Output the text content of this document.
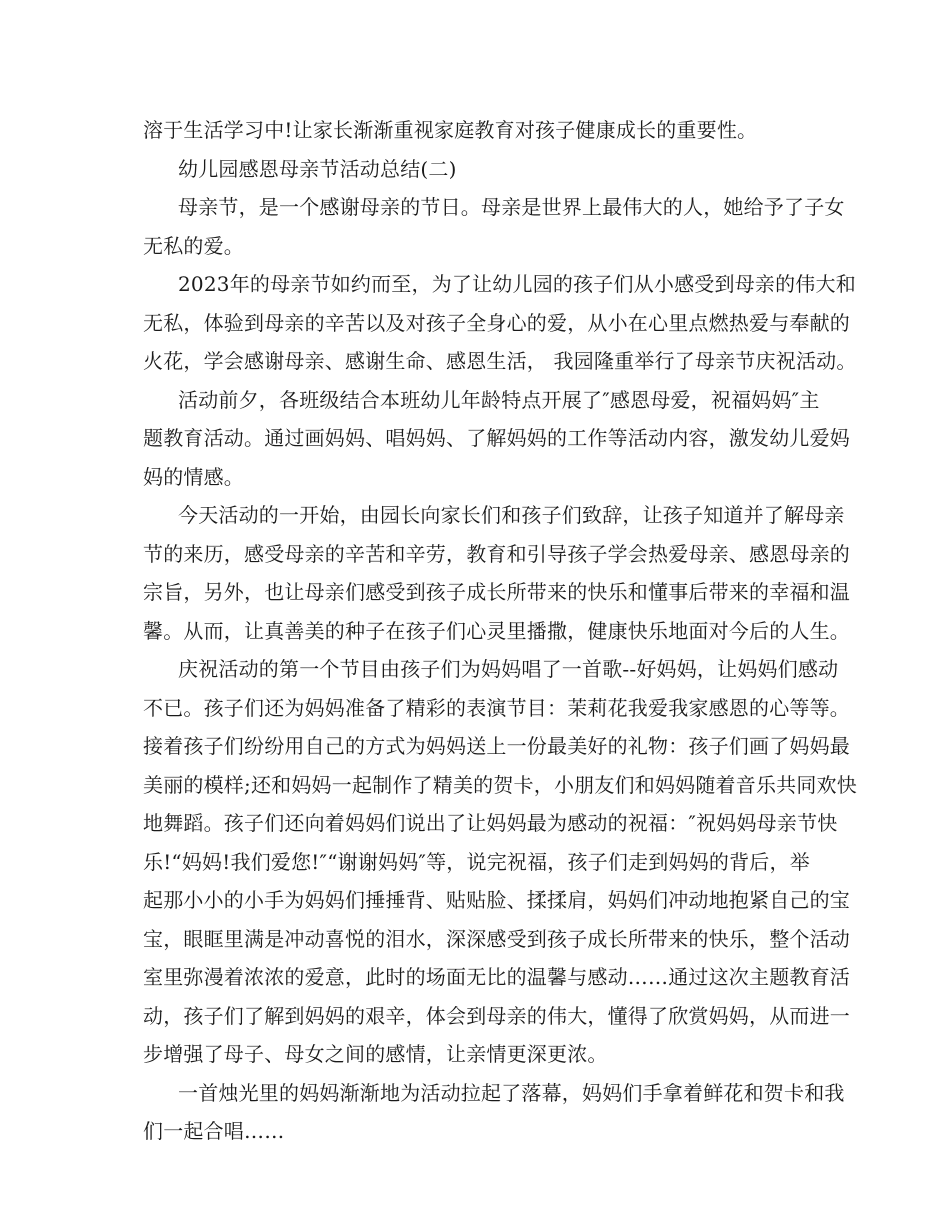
溶于生活学习中!让家长渐渐重视家庭教育对孩子健康成长的重要性。
幼儿园感恩母亲节活动总结(二)
母亲节，是一个感谢母亲的节日。母亲是世界上最伟大的人，她给予了子女
无私的爱。
2023年的母亲节如约而至，为了让幼儿园的孩子们从小感受到母亲的伟大和
无私，体验到母亲的辛苦以及对孩子全身心的爱，从小在心里点燃热爱与奉献的
火花，学会感谢母亲、感谢生命、感恩生活， 我园隆重举行了母亲节庆祝活动。
活动前夕，各班级结合本班幼儿年龄特点开展了″感恩母爱，祝福妈妈″主
题教育活动。通过画妈妈、唱妈妈、了解妈妈的工作等活动内容，激发幼儿爱妈
妈的情感。
今天活动的一开始，由园长向家长们和孩子们致辞，让孩子知道并了解母亲
节的来历，感受母亲的辛苦和辛劳，教育和引导孩子学会热爱母亲、感恩母亲的
宗旨，另外，也让母亲们感受到孩子成长所带来的快乐和懂事后带来的幸福和温
馨。从而，让真善美的种子在孩子们心灵里播撒，健康快乐地面对今后的人生。
庆祝活动的第一个节目由孩子们为妈妈唱了一首歌--好妈妈，让妈妈们感动
不已。孩子们还为妈妈准备了精彩的表演节目：茉莉花我爱我家感恩的心等等。
接着孩子们纷纷用自己的方式为妈妈送上一份最美好的礼物：孩子们画了妈妈最
美丽的模样;还和妈妈一起制作了精美的贺卡，小朋友们和妈妈随着音乐共同欢快
地舞蹈。孩子们还向着妈妈们说出了让妈妈最为感动的祝福：″祝妈妈母亲节快
乐!“妈妈!我们爱您!″“谢谢妈妈″等，说完祝福，孩子们走到妈妈的背后，举
起那小小的小手为妈妈们捶捶背、贴贴脸、揉揉肩，妈妈们冲动地抱紧自己的宝
宝，眼眶里满是冲动喜悦的泪水，深深感受到孩子成长所带来的快乐，整个活动
室里弥漫着浓浓的爱意，此时的场面无比的温馨与感动……通过这次主题教育活
动，孩子们了解到妈妈的艰辛，体会到母亲的伟大，懂得了欣赏妈妈，从而进一
步增强了母子、母女之间的感情，让亲情更深更浓。
一首烛光里的妈妈渐渐地为活动拉起了落幕，妈妈们手拿着鲜花和贺卡和我
们一起合唱……
